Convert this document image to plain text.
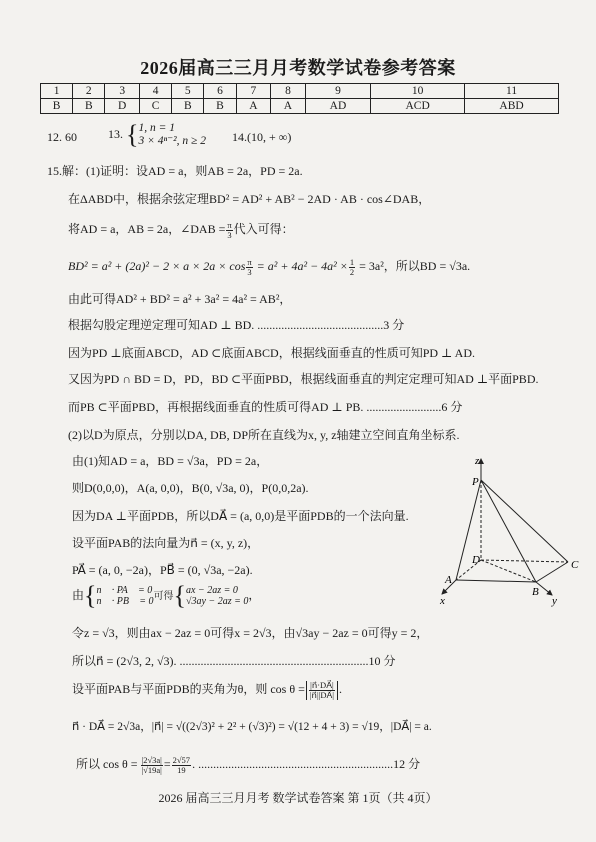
2026届高三三月月考数学试卷参考答案
1	2	3	4	5	6	7	8	9	10	11
B	B	D	C	B	B	A	A	AD	ACD	ABD
12. 60	13. {1, n = 1
3 × 4ⁿ⁻², n ≥ 2 14.(10, + ∞)
15.解：(1)证明：设AD = a，则AB = 2a，PD = 2a.
在ΔABD中，根据余弦定理BD² = AD² + AB² − 2AD · AB · cos∠DAB，
将AD = a，AB = 2a，∠DAB = $\frac{\pi}{3}$ 代入可得：
$BD^2 = a^2 + (2a)^2 - 2 \times a \times 2a \times \cos \frac{\pi}{3} = a^2 + 4a^2 - 4a^2 \times \frac{1}{2} = 3a^2$，所以BD = √3a.
由此可得AD² + BD² = a² + 3a² = 4a² = AB²，
根据勾股定理逆定理可知AD ⊥ BD. ..........................................3 分
因为PD ⊥底面ABCD，AD ⊂底面ABCD，根据线面垂直的性质可知PD ⊥ AD.
又因为PD ∩ BD = D，PD，BD ⊂平面PBD，根据线面垂直的判定定理可知AD ⊥平面PBD.
而PB ⊂平面PBD，再根据线面垂直的性质可得AD ⊥ PB. .........................6 分
(2)以D为原点，分别以DA, DB, DP所在直线为x, y, z轴建立空间直角坐标系.
由(1)知AD = a，BD = √3a，PD = 2a，
则D(0,0,0)，A(a, 0,0)，B(0, √3a, 0)，P(0,0,2a).
因为DA ⊥平面PDB，所以DA⃗ = (a, 0,0)是平面PDB的一个法向量.
设平面PAB的法向量为n⃗ = (x, y, z)，
PA⃗ = (a, 0, −2a)，PB⃗ = (0, √3a, −2a).
由{n⃗ · PA⃗ = 0
n⃗ · PB⃗ = 0可得{ax − 2az = 0
√3ay − 2az = 0，
令z = √3，则由ax − 2az = 0可得x = 2√3，由√3ay − 2az = 0可得y = 2，
所以n⃗ = (2√3, 2, √3). ...............................................................10 分
设平面PAB与平面PDB的夹角为θ，则 $\cos \theta = \frac{|n⃗\cdot DA⃗|}{|n⃗||DA⃗|}$ .
n⃗ · DA⃗ = 2√3a，|n⃗| = √((2√3)² + 2² + (√3)²) = √(12 + 4 + 3) = √19，|DA⃗| = a.
所以 $\cos \theta = \frac{|2√3a|}{|√19a|} = \frac{2√57}{19}$ . .................................................................12 分
z
P
D	C
A
B
x	y
2026 届高三三月月考 数学试卷答案 第 1页（共 4页）
